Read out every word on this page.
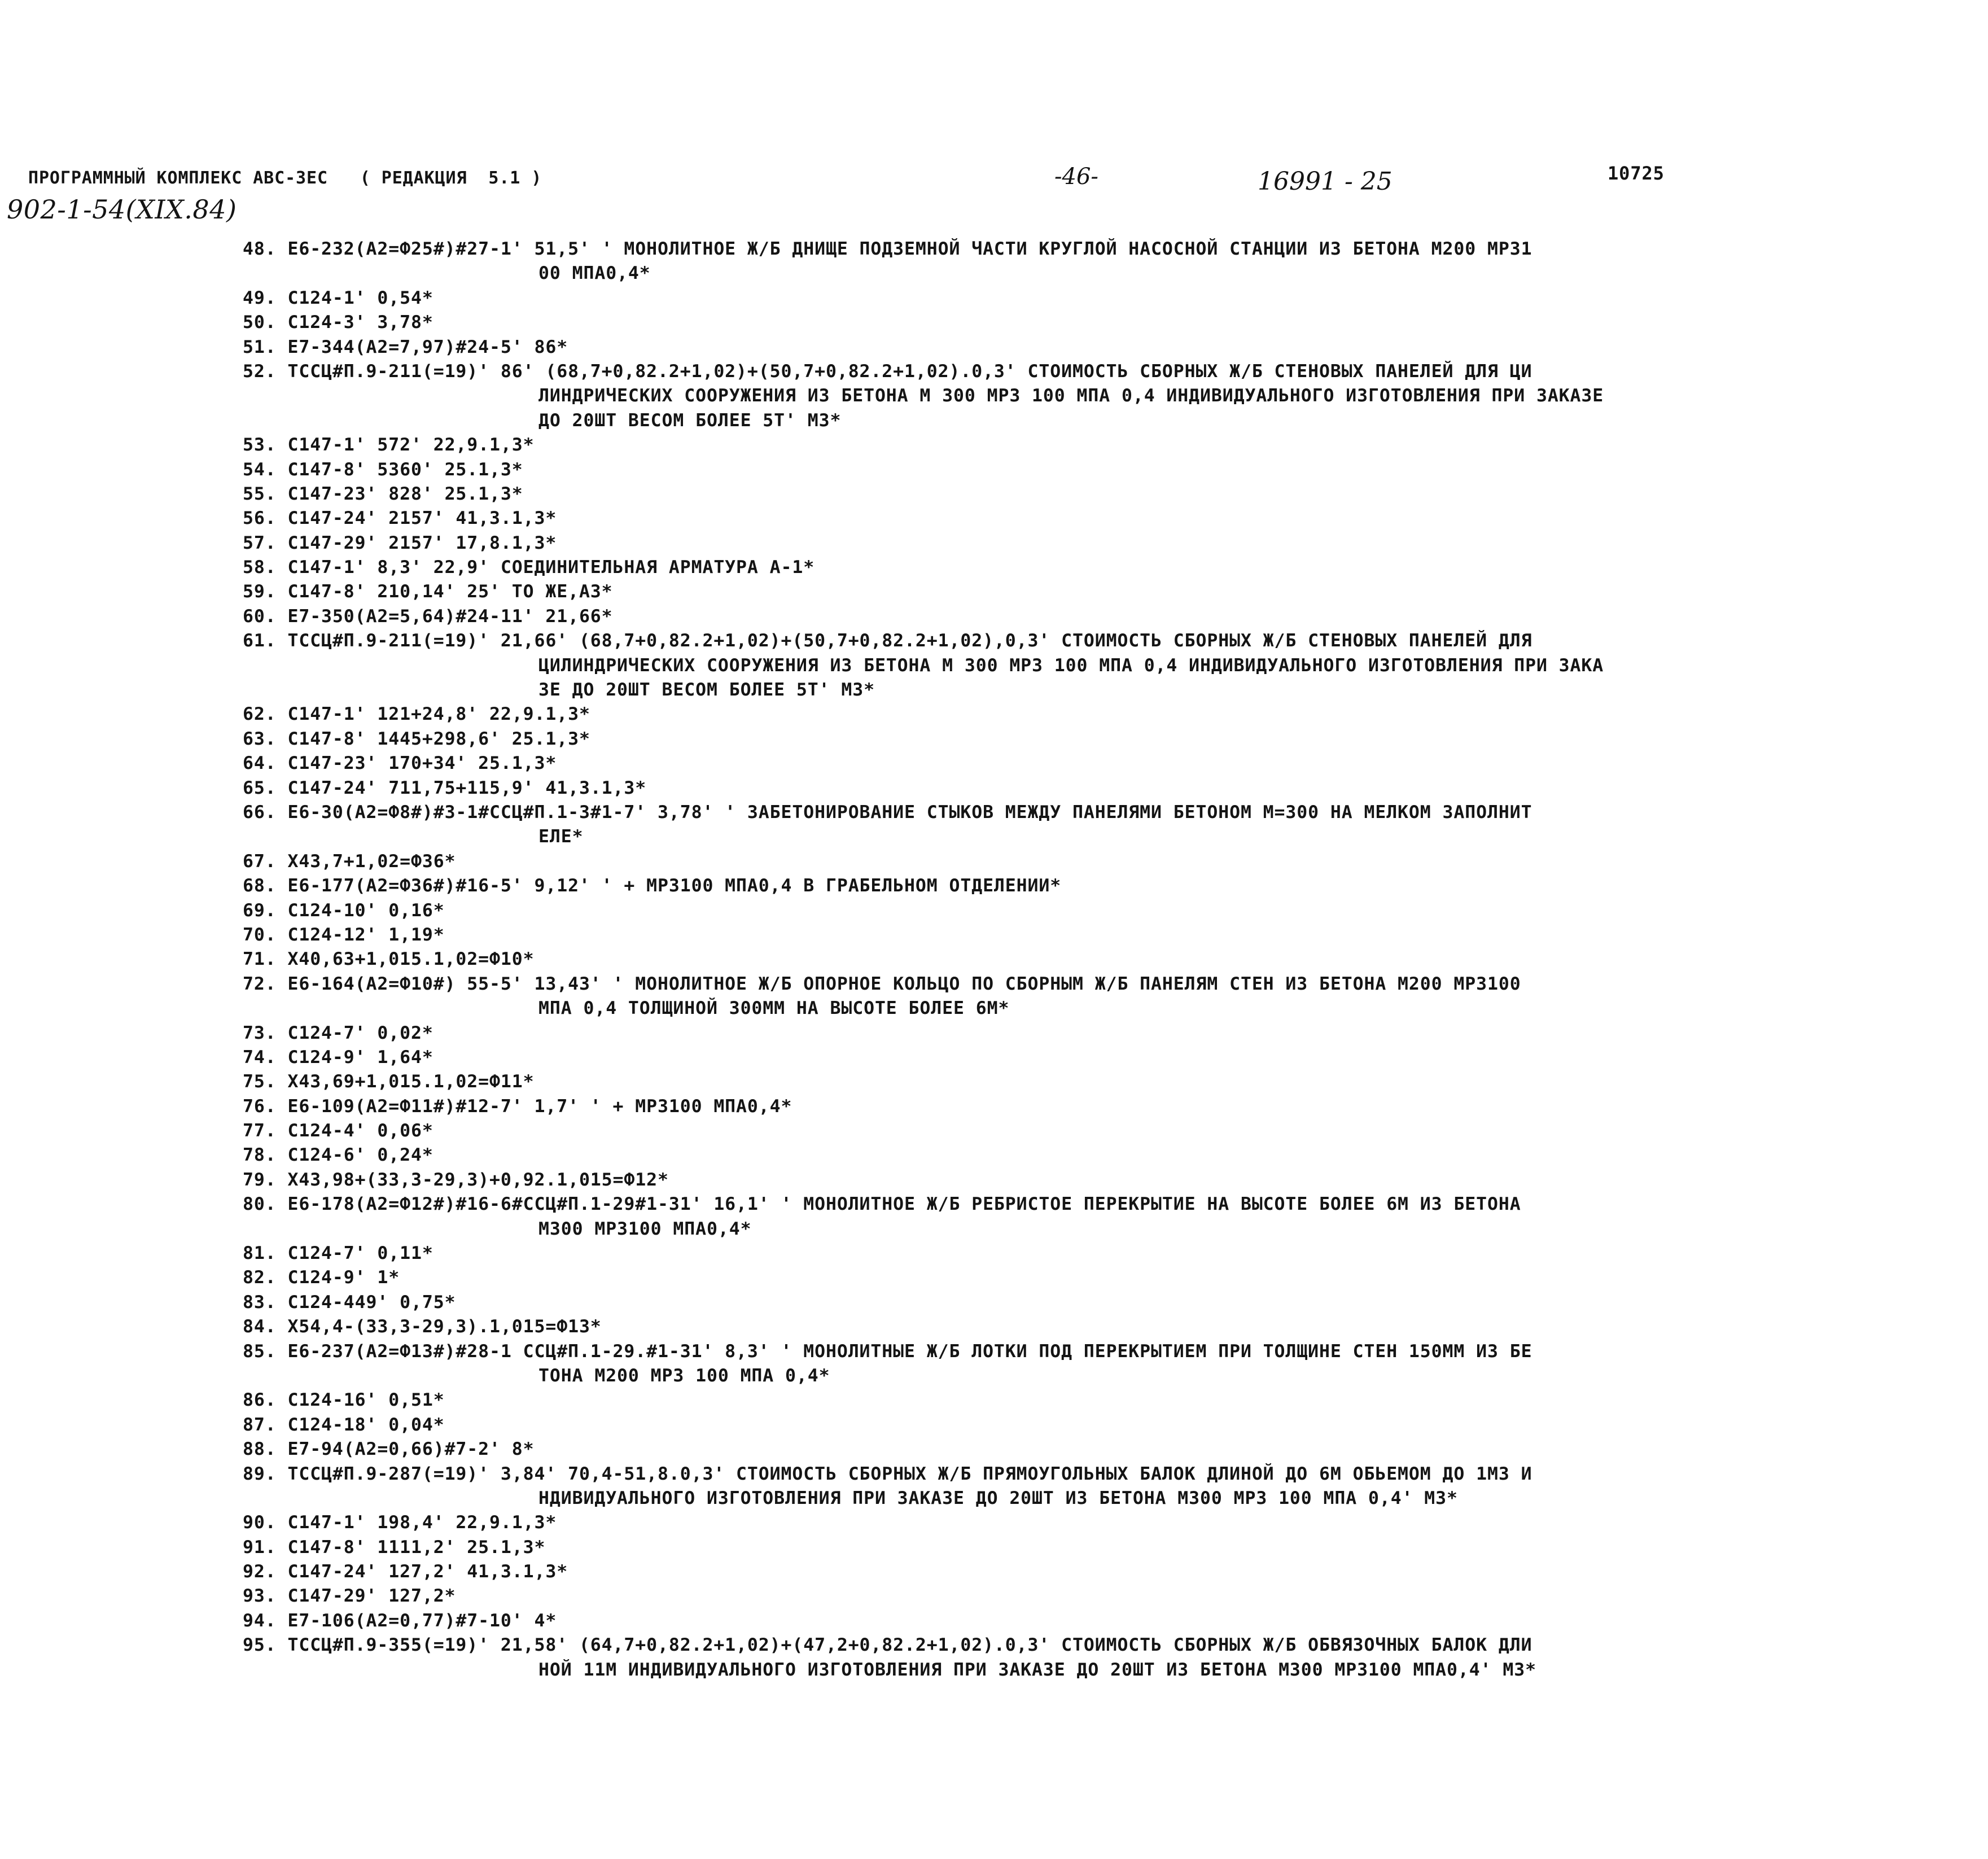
ПРОГРАММНЫЙ КОМПЛЕКС АВС-3ЕС   ( РЕДАКЦИЯ  5.1 )	-46-	16991 - 25	10725
902-1-54(XIX.84)
48. Е6-232(А2=Ф25#)#27-1' 51,5' ' МОНОЛИТНОЕ Ж/Б ДНИЩЕ ПОДЗЕМНОЙ ЧАСТИ КРУГЛОЙ НАСОСНОЙ СТАНЦИИ ИЗ БЕТОНА М200 МРЗ1
00 МПА0,4*
49. С124-1' 0,54*
50. С124-3' 3,78*
51. Е7-344(А2=7,97)#24-5' 86*
52. ТССЦ#П.9-211(=19)' 86' (68,7+0,82.2+1,02)+(50,7+0,82.2+1,02).0,3' СТОИМОСТЬ СБОРНЫХ Ж/Б СТЕНОВЫХ ПАНЕЛЕЙ ДЛЯ ЦИ
ЛИНДРИЧЕСКИХ СООРУЖЕНИЯ ИЗ БЕТОНА М 300 МРЗ 100 МПА 0,4 ИНДИВИДУАЛЬНОГО ИЗГОТОВЛЕНИЯ ПРИ ЗАКАЗЕ
ДО 20ШТ ВЕСОМ БОЛЕЕ 5Т' М3*
53. С147-1' 572' 22,9.1,3*
54. С147-8' 5360' 25.1,3*
55. С147-23' 828' 25.1,3*
56. С147-24' 2157' 41,3.1,3*
57. С147-29' 2157' 17,8.1,3*
58. С147-1' 8,3' 22,9' СОЕДИНИТЕЛЬНАЯ АРМАТУРА А-1*
59. С147-8' 210,14' 25' ТО ЖЕ,А3*
60. Е7-350(А2=5,64)#24-11' 21,66*
61. ТССЦ#П.9-211(=19)' 21,66' (68,7+0,82.2+1,02)+(50,7+0,82.2+1,02),0,3' СТОИМОСТЬ СБОРНЫХ Ж/Б СТЕНОВЫХ ПАНЕЛЕЙ ДЛЯ
ЦИЛИНДРИЧЕСКИХ СООРУЖЕНИЯ ИЗ БЕТОНА М 300 МРЗ 100 МПА 0,4 ИНДИВИДУАЛЬНОГО ИЗГОТОВЛЕНИЯ ПРИ ЗАКА
ЗЕ ДО 20ШТ ВЕСОМ БОЛЕЕ 5Т' М3*
62. С147-1' 121+24,8' 22,9.1,3*
63. С147-8' 1445+298,6' 25.1,3*
64. С147-23' 170+34' 25.1,3*
65. С147-24' 711,75+115,9' 41,3.1,3*
66. Е6-30(А2=Ф8#)#3-1#ССЦ#П.1-3#1-7' 3,78' ' ЗАБЕТОНИРОВАНИЕ СТЫКОВ МЕЖДУ ПАНЕЛЯМИ БЕТОНОМ М=300 НА МЕЛКОМ ЗАПОЛНИТ
ЕЛЕ*
67. Х43,7+1,02=Ф36*
68. Е6-177(А2=Ф36#)#16-5' 9,12' ' + МРЗ100 МПА0,4 В ГРАБЕЛЬНОМ ОТДЕЛЕНИИ*
69. С124-10' 0,16*
70. С124-12' 1,19*
71. Х40,63+1,015.1,02=Ф10*
72. Е6-164(А2=Ф10#) 55-5' 13,43' ' МОНОЛИТНОЕ Ж/Б ОПОРНОЕ КОЛЬЦО ПО СБОРНЫМ Ж/Б ПАНЕЛЯМ СТЕН ИЗ БЕТОНА М200 МРЗ100
МПА 0,4 ТОЛЩИНОЙ 300ММ НА ВЫСОТЕ БОЛЕЕ 6М*
73. С124-7' 0,02*
74. С124-9' 1,64*
75. Х43,69+1,015.1,02=Ф11*
76. Е6-109(А2=Ф11#)#12-7' 1,7' ' + МРЗ100 МПА0,4*
77. С124-4' 0,06*
78. С124-6' 0,24*
79. Х43,98+(33,3-29,3)+0,92.1,015=Ф12*
80. Е6-178(А2=Ф12#)#16-6#ССЦ#П.1-29#1-31' 16,1' ' МОНОЛИТНОЕ Ж/Б РЕБРИСТОЕ ПЕРЕКРЫТИЕ НА ВЫСОТЕ БОЛЕЕ 6М ИЗ БЕТОНА
М300 МРЗ100 МПА0,4*
81. С124-7' 0,11*
82. С124-9' 1*
83. С124-449' 0,75*
84. Х54,4-(33,3-29,3).1,015=Ф13*
85. Е6-237(А2=Ф13#)#28-1 ССЦ#П.1-29.#1-31' 8,3' ' МОНОЛИТНЫЕ Ж/Б ЛОТКИ ПОД ПЕРЕКРЫТИЕМ ПРИ ТОЛЩИНЕ СТЕН 150ММ ИЗ БЕ
ТОНА М200 МРЗ 100 МПА 0,4*
86. С124-16' 0,51*
87. С124-18' 0,04*
88. Е7-94(А2=0,66)#7-2' 8*
89. ТССЦ#П.9-287(=19)' 3,84' 70,4-51,8.0,3' СТОИМОСТЬ СБОРНЫХ Ж/Б ПРЯМОУГОЛЬНЫХ БАЛОК ДЛИНОЙ ДО 6М ОБЬЕМОМ ДО 1М3 И
НДИВИДУАЛЬНОГО ИЗГОТОВЛЕНИЯ ПРИ ЗАКАЗЕ ДО 20ШТ ИЗ БЕТОНА М300 МРЗ 100 МПА 0,4' М3*
90. С147-1' 198,4' 22,9.1,3*
91. С147-8' 1111,2' 25.1,3*
92. С147-24' 127,2' 41,3.1,3*
93. С147-29' 127,2*
94. Е7-106(А2=0,77)#7-10' 4*
95. ТССЦ#П.9-355(=19)' 21,58' (64,7+0,82.2+1,02)+(47,2+0,82.2+1,02).0,3' СТОИМОСТЬ СБОРНЫХ Ж/Б ОБВЯЗОЧНЫХ БАЛОК ДЛИ
НОЙ 11М ИНДИВИДУАЛЬНОГО ИЗГОТОВЛЕНИЯ ПРИ ЗАКАЗЕ ДО 20ШТ ИЗ БЕТОНА М300 МРЗ100 МПА0,4' М3*
